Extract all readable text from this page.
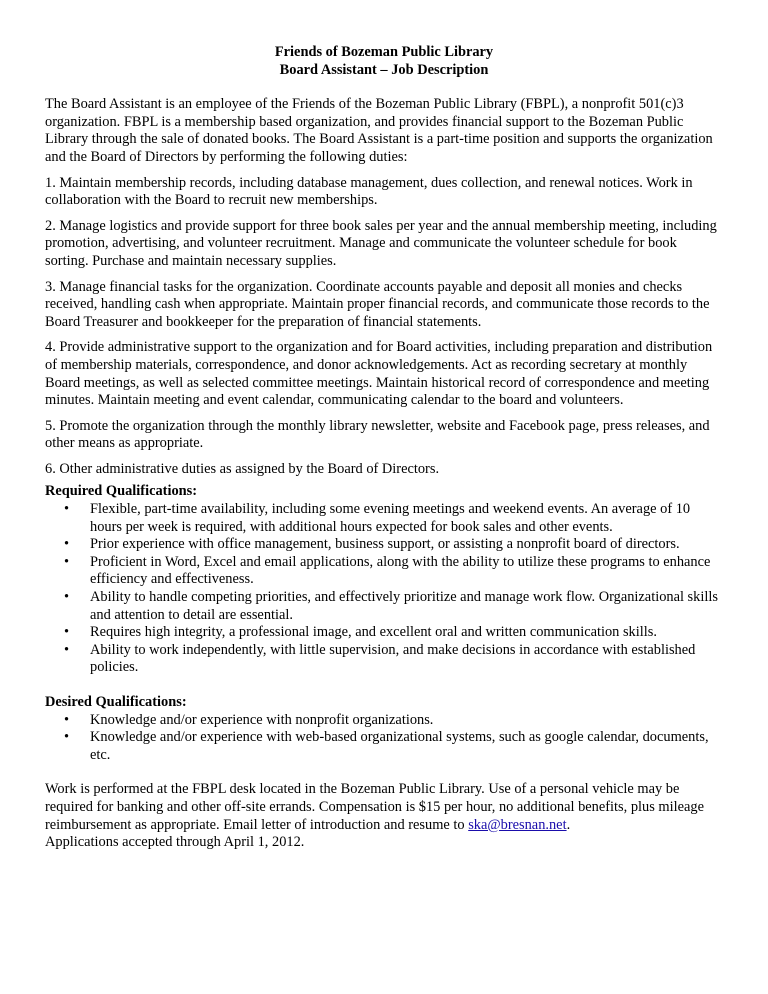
Friends of Bozeman Public Library
Board Assistant – Job Description

The Board Assistant is an employee of the Friends of the Bozeman Public Library (FBPL), a nonprofit 501(c)3 organization. FBPL is a membership based organization, and provides financial support to the Bozeman Public Library through the sale of donated books. The Board Assistant is a part-time position and supports the organization and the Board of Directors by performing the following duties:

1. Maintain membership records, including database management, dues collection, and renewal notices. Work in collaboration with the Board to recruit new memberships.

2. Manage logistics and provide support for three book sales per year and the annual membership meeting, including promotion, advertising, and volunteer recruitment. Manage and communicate the volunteer schedule for book sorting. Purchase and maintain necessary supplies.

3. Manage financial tasks for the organization. Coordinate accounts payable and deposit all monies and checks received, handling cash when appropriate. Maintain proper financial records, and communicate those records to the Board Treasurer and bookkeeper for the preparation of financial statements.

4. Provide administrative support to the organization and for Board activities, including preparation and distribution of membership materials, correspondence, and donor acknowledgements. Act as recording secretary at monthly Board meetings, as well as selected committee meetings. Maintain historical record of correspondence and meeting minutes. Maintain meeting and event calendar, communicating calendar to the board and volunteers.

5. Promote the organization through the monthly library newsletter, website and Facebook page, press releases, and other means as appropriate.

6. Other administrative duties as assigned by the Board of Directors.

Required Qualifications:
• Flexible, part-time availability, including some evening meetings and weekend events. An average of 10 hours per week is required, with additional hours expected for book sales and other events.
• Prior experience with office management, business support, or assisting a nonprofit board of directors.
• Proficient in Word, Excel and email applications, along with the ability to utilize these programs to enhance efficiency and effectiveness.
• Ability to handle competing priorities, and effectively prioritize and manage work flow. Organizational skills and attention to detail are essential.
• Requires high integrity, a professional image, and excellent oral and written communication skills.
• Ability to work independently, with little supervision, and make decisions in accordance with established policies.
Desired Qualifications:
• Knowledge and/or experience with nonprofit organizations.
• Knowledge and/or experience with web-based organizational systems, such as google calendar, documents, etc.

Work is performed at the FBPL desk located in the Bozeman Public Library. Use of a personal vehicle may be required for banking and other off-site errands. Compensation is $15 per hour, no additional benefits, plus mileage reimbursement as appropriate. Email letter of introduction and resume to ska@bresnan.net.
Applications accepted through April 1, 2012.
